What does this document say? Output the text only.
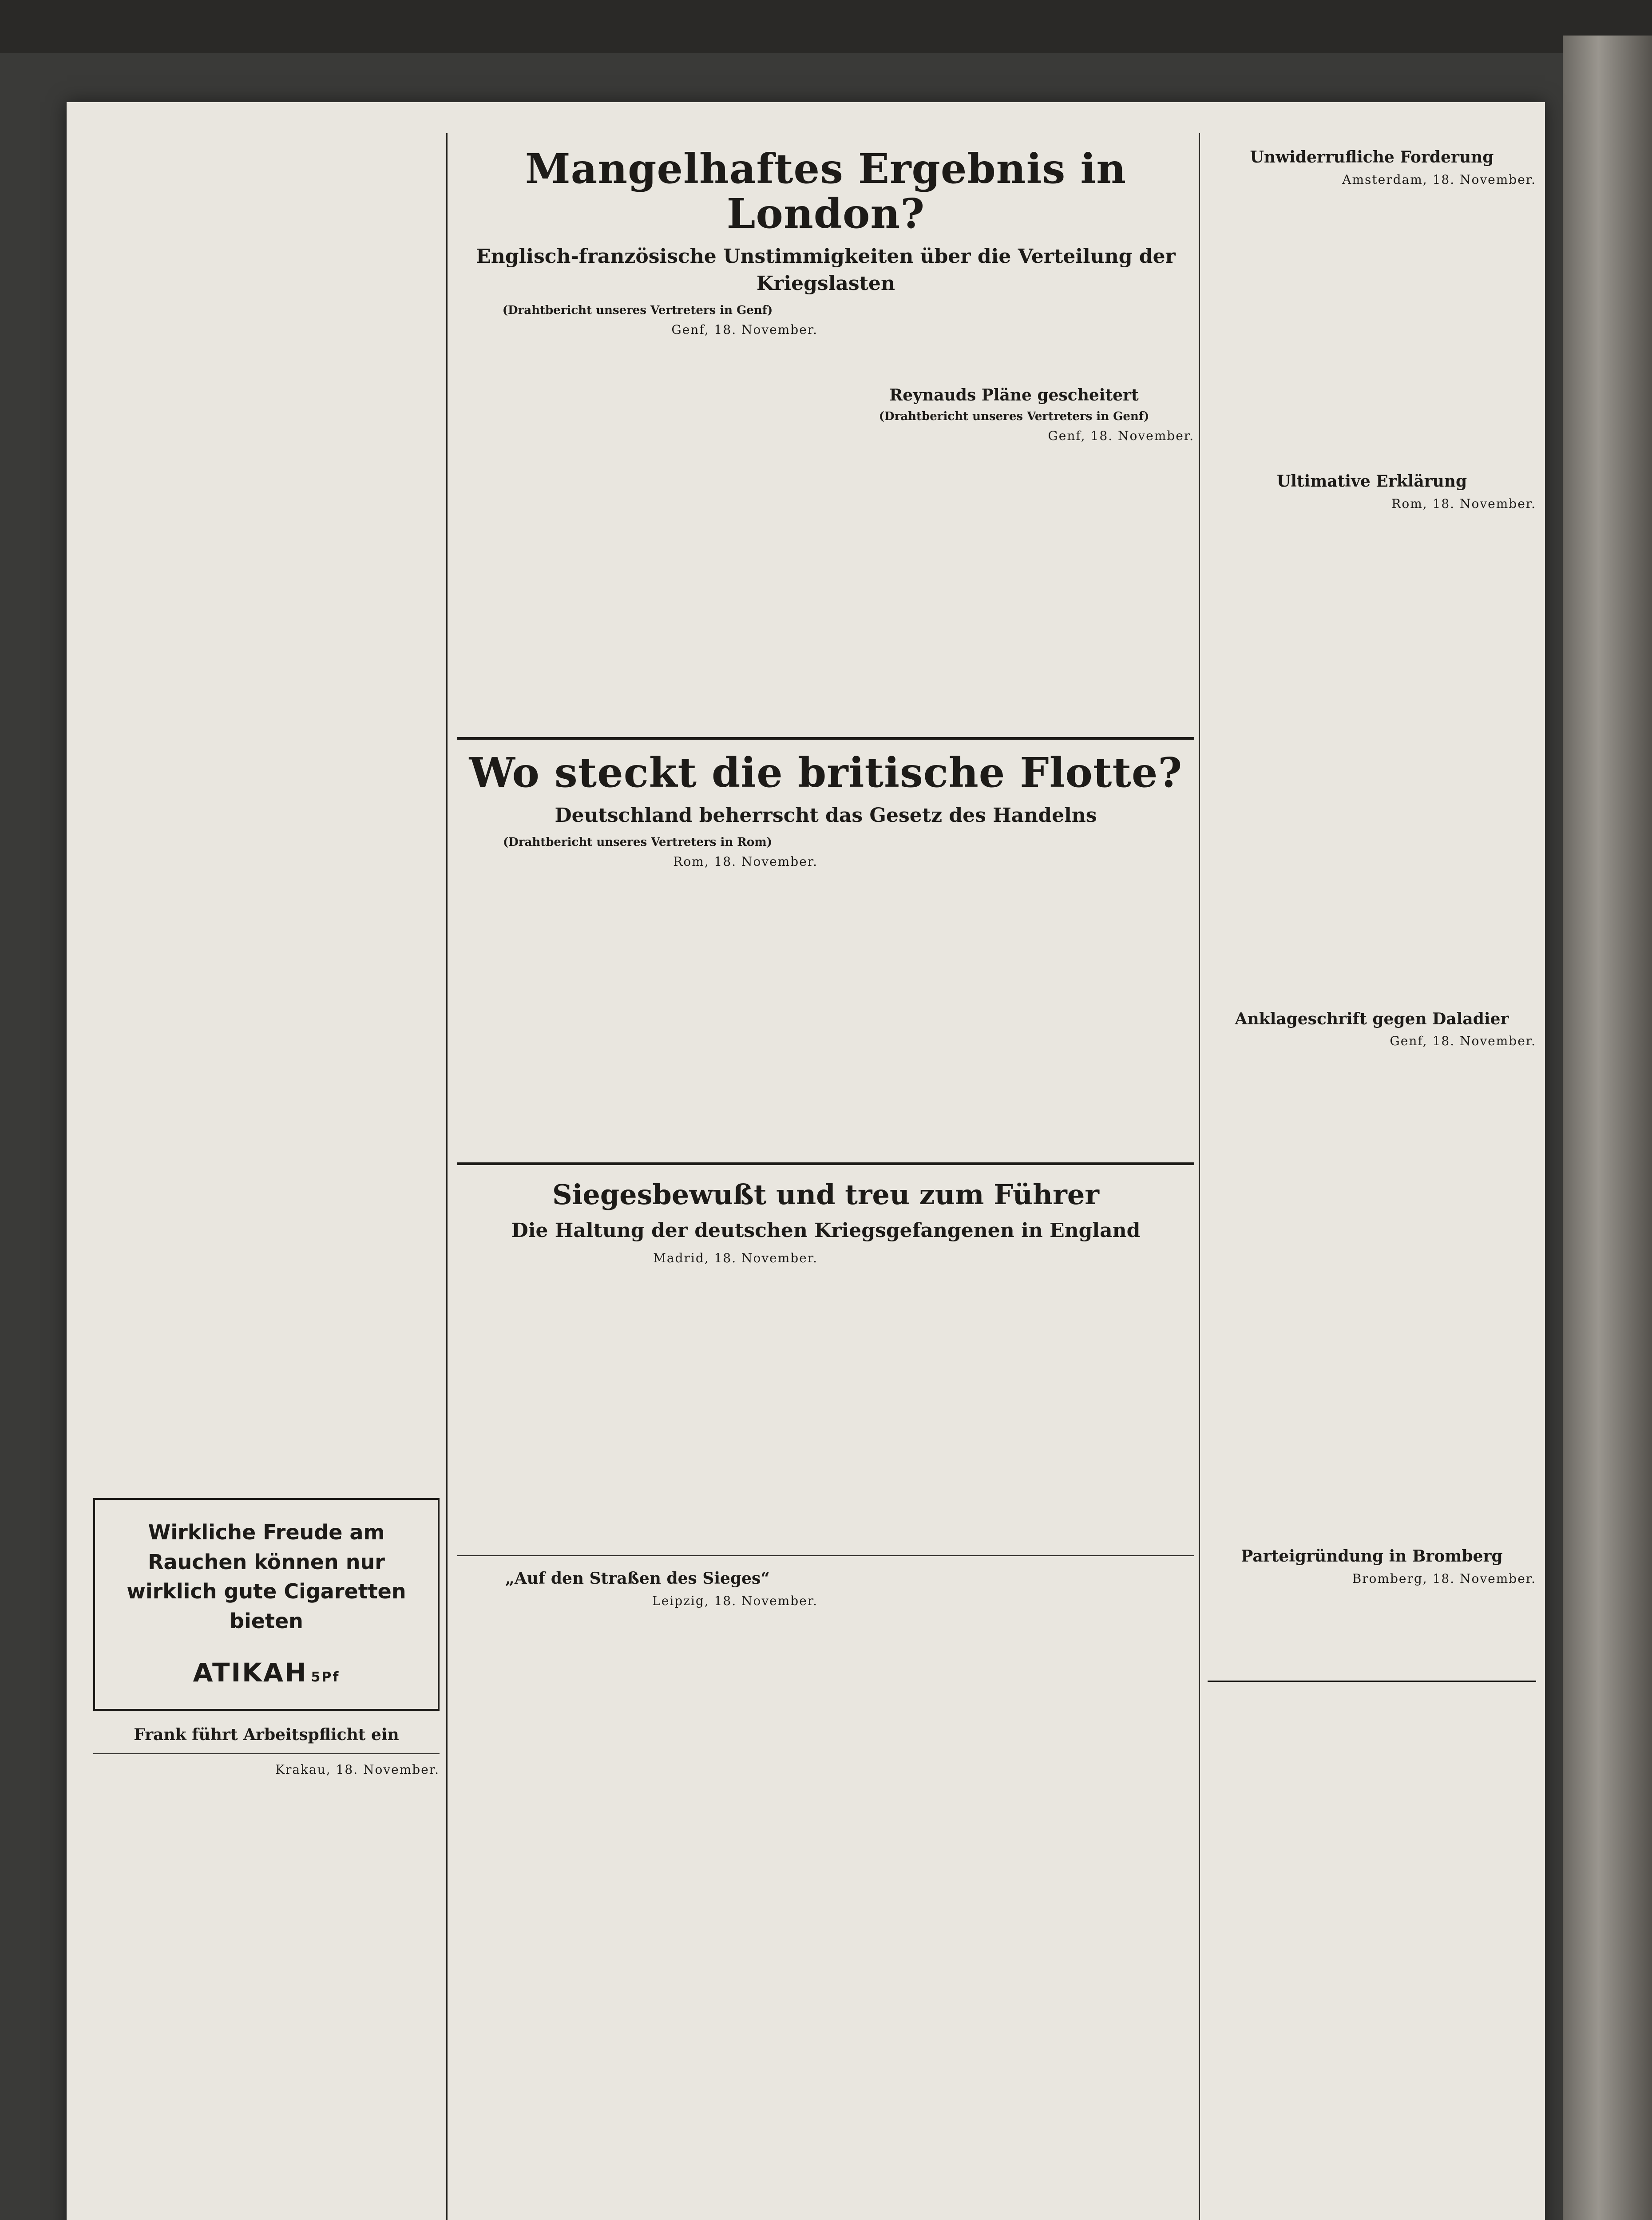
Wirkliche Freude am
Rauchen können nur
wirklich gute Cigaretten
bieten
ATIKAH 5Pf
Frank führt Arbeitspflicht ein
Krakau, 18. November.

Mangelhaftes Ergebnis in London?
Englisch-französische Unstimmigkeiten über die Verteilung der Kriegslasten
(Drahtbericht unseres Vertreters in Genf)
Genf, 18. November.

Reynauds Pläne gescheitert
(Drahtbericht unseres Vertreters in Genf)
Genf, 18. November.

Wo steckt die britische Flotte?
Deutschland beherrscht das Gesetz des Handelns
(Drahtbericht unseres Vertreters in Rom)
Rom, 18. November.

Siegesbewußt und treu zum Führer
Die Haltung der deutschen Kriegsgefangenen in England
Madrid, 18. November.

„Auf den Straßen des Sieges“
Leipzig, 18. November.

Unwiderrufliche Forderung
Amsterdam, 18. November.

Ultimative Erklärung
Rom, 18. November.

Anklageschrift gegen Daladier
Genf, 18. November.

Parteigründung in Bromberg
Bromberg, 18. November.
